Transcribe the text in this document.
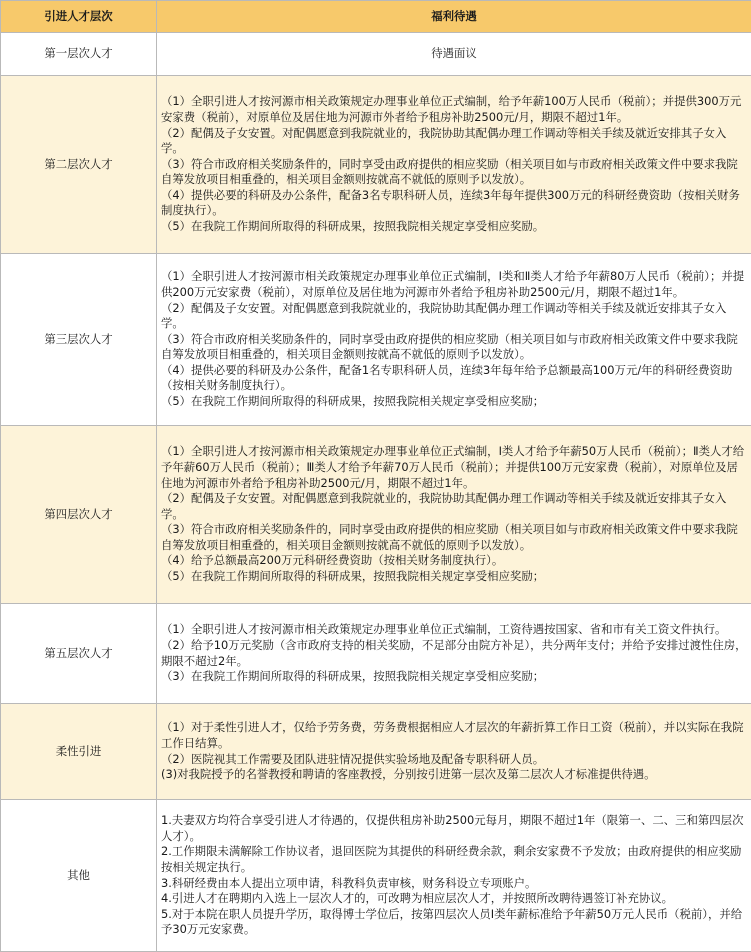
引进人才层次	福利待遇
第一层次人才	待遇面议

第二层次人才	（1）全职引进人才按河源市相关政策规定办理事业单位正式编制，给予年薪100万人民币（税前）；并提供300万元安家费（税前），对原单位及居住地为河源市外者给予租房补助2500元/月，期限不超过1年。
（2）配偶及子女安置。对配偶愿意到我院就业的，我院协助其配偶办理工作调动等相关手续及就近安排其子女入学。
（3）符合市政府相关奖励条件的，同时享受由政府提供的相应奖励（相关项目如与市政府相关政策文件中要求我院自筹发放项目相重叠的，相关项目金额则按就高不就低的原则予以发放）。
（4）提供必要的科研及办公条件，配备3名专职科研人员，连续3年每年提供300万元的科研经费资助（按相关财务制度执行）。
（5）在我院工作期间所取得的科研成果，按照我院相关规定享受相应奖励。

第三层次人才	（1）全职引进人才按河源市相关政策规定办理事业单位正式编制，Ⅰ类和Ⅱ类人才给予年薪80万人民币（税前）；并提供200万元安家费（税前），对原单位及居住地为河源市外者给予租房补助2500元/月，期限不超过1年。
（2）配偶及子女安置。对配偶愿意到我院就业的，我院协助其配偶办理工作调动等相关手续及就近安排其子女入学。
（3）符合市政府相关奖励条件的，同时享受由政府提供的相应奖励（相关项目如与市政府相关政策文件中要求我院自筹发放项目相重叠的，相关项目金额则按就高不就低的原则予以发放）。
（4）提供必要的科研及办公条件，配备1名专职科研人员，连续3年每年给予总额最高100万元/年的科研经费资助（按相关财务制度执行）。
（5）在我院工作期间所取得的科研成果，按照我院相关规定享受相应奖励；

第四层次人才	（1）全职引进人才按河源市相关政策规定办理事业单位正式编制，Ⅰ类人才给予年薪50万人民币（税前）；Ⅱ类人才给予年薪60万人民币（税前）；Ⅲ类人才给予年薪70万人民币（税前）；并提供100万元安家费（税前），对原单位及居住地为河源市外者给予租房补助2500元/月，期限不超过1年。
（2）配偶及子女安置。对配偶愿意到我院就业的，我院协助其配偶办理工作调动等相关手续及就近安排其子女入学。
（3）符合市政府相关奖励条件的，同时享受由政府提供的相应奖励（相关项目如与市政府相关政策文件中要求我院自筹发放项目相重叠的，相关项目金额则按就高不就低的原则予以发放）。
（4）给予总额最高200万元科研经费资助（按相关财务制度执行）。
（5）在我院工作期间所取得的科研成果，按照我院相关规定享受相应奖励；

第五层次人才	（1）全职引进人才按河源市相关政策规定办理事业单位正式编制，工资待遇按国家、省和市有关工资文件执行。
（2）给予10万元奖励（含市政府支持的相关奖励，不足部分由院方补足），共分两年支付；并给予安排过渡性住房，期限不超过2年。
（3）在我院工作期间所取得的科研成果，按照我院相关规定享受相应奖励；

柔性引进	（1）对于柔性引进人才，仅给予劳务费，劳务费根据相应人才层次的年薪折算工作日工资（税前），并以实际在我院工作日结算。
（2）医院视其工作需要及团队进驻情况提供实验场地及配备专职科研人员。
(3)对我院授予的名誉教授和聘请的客座教授，分别按引进第一层次及第二层次人才标准提供待遇。

其他	1.夫妻双方均符合享受引进人才待遇的，仅提供租房补助2500元每月，期限不超过1年（限第一、二、三和第四层次人才）。
2.工作期限未满解除工作协议者，退回医院为其提供的科研经费余款，剩余安家费不予发放；由政府提供的相应奖励按相关规定执行。
3.科研经费由本人提出立项申请，科教科负责审核，财务科设立专项账户。
4.引进人才在聘期内入选上一层次人才的，可改聘为相应层次人才，并按照所改聘待遇签订补充协议。
5.对于本院在职人员提升学历，取得博士学位后，按第四层次人员Ⅰ类年薪标准给予年薪50万元人民币（税前），并给予30万元安家费。
